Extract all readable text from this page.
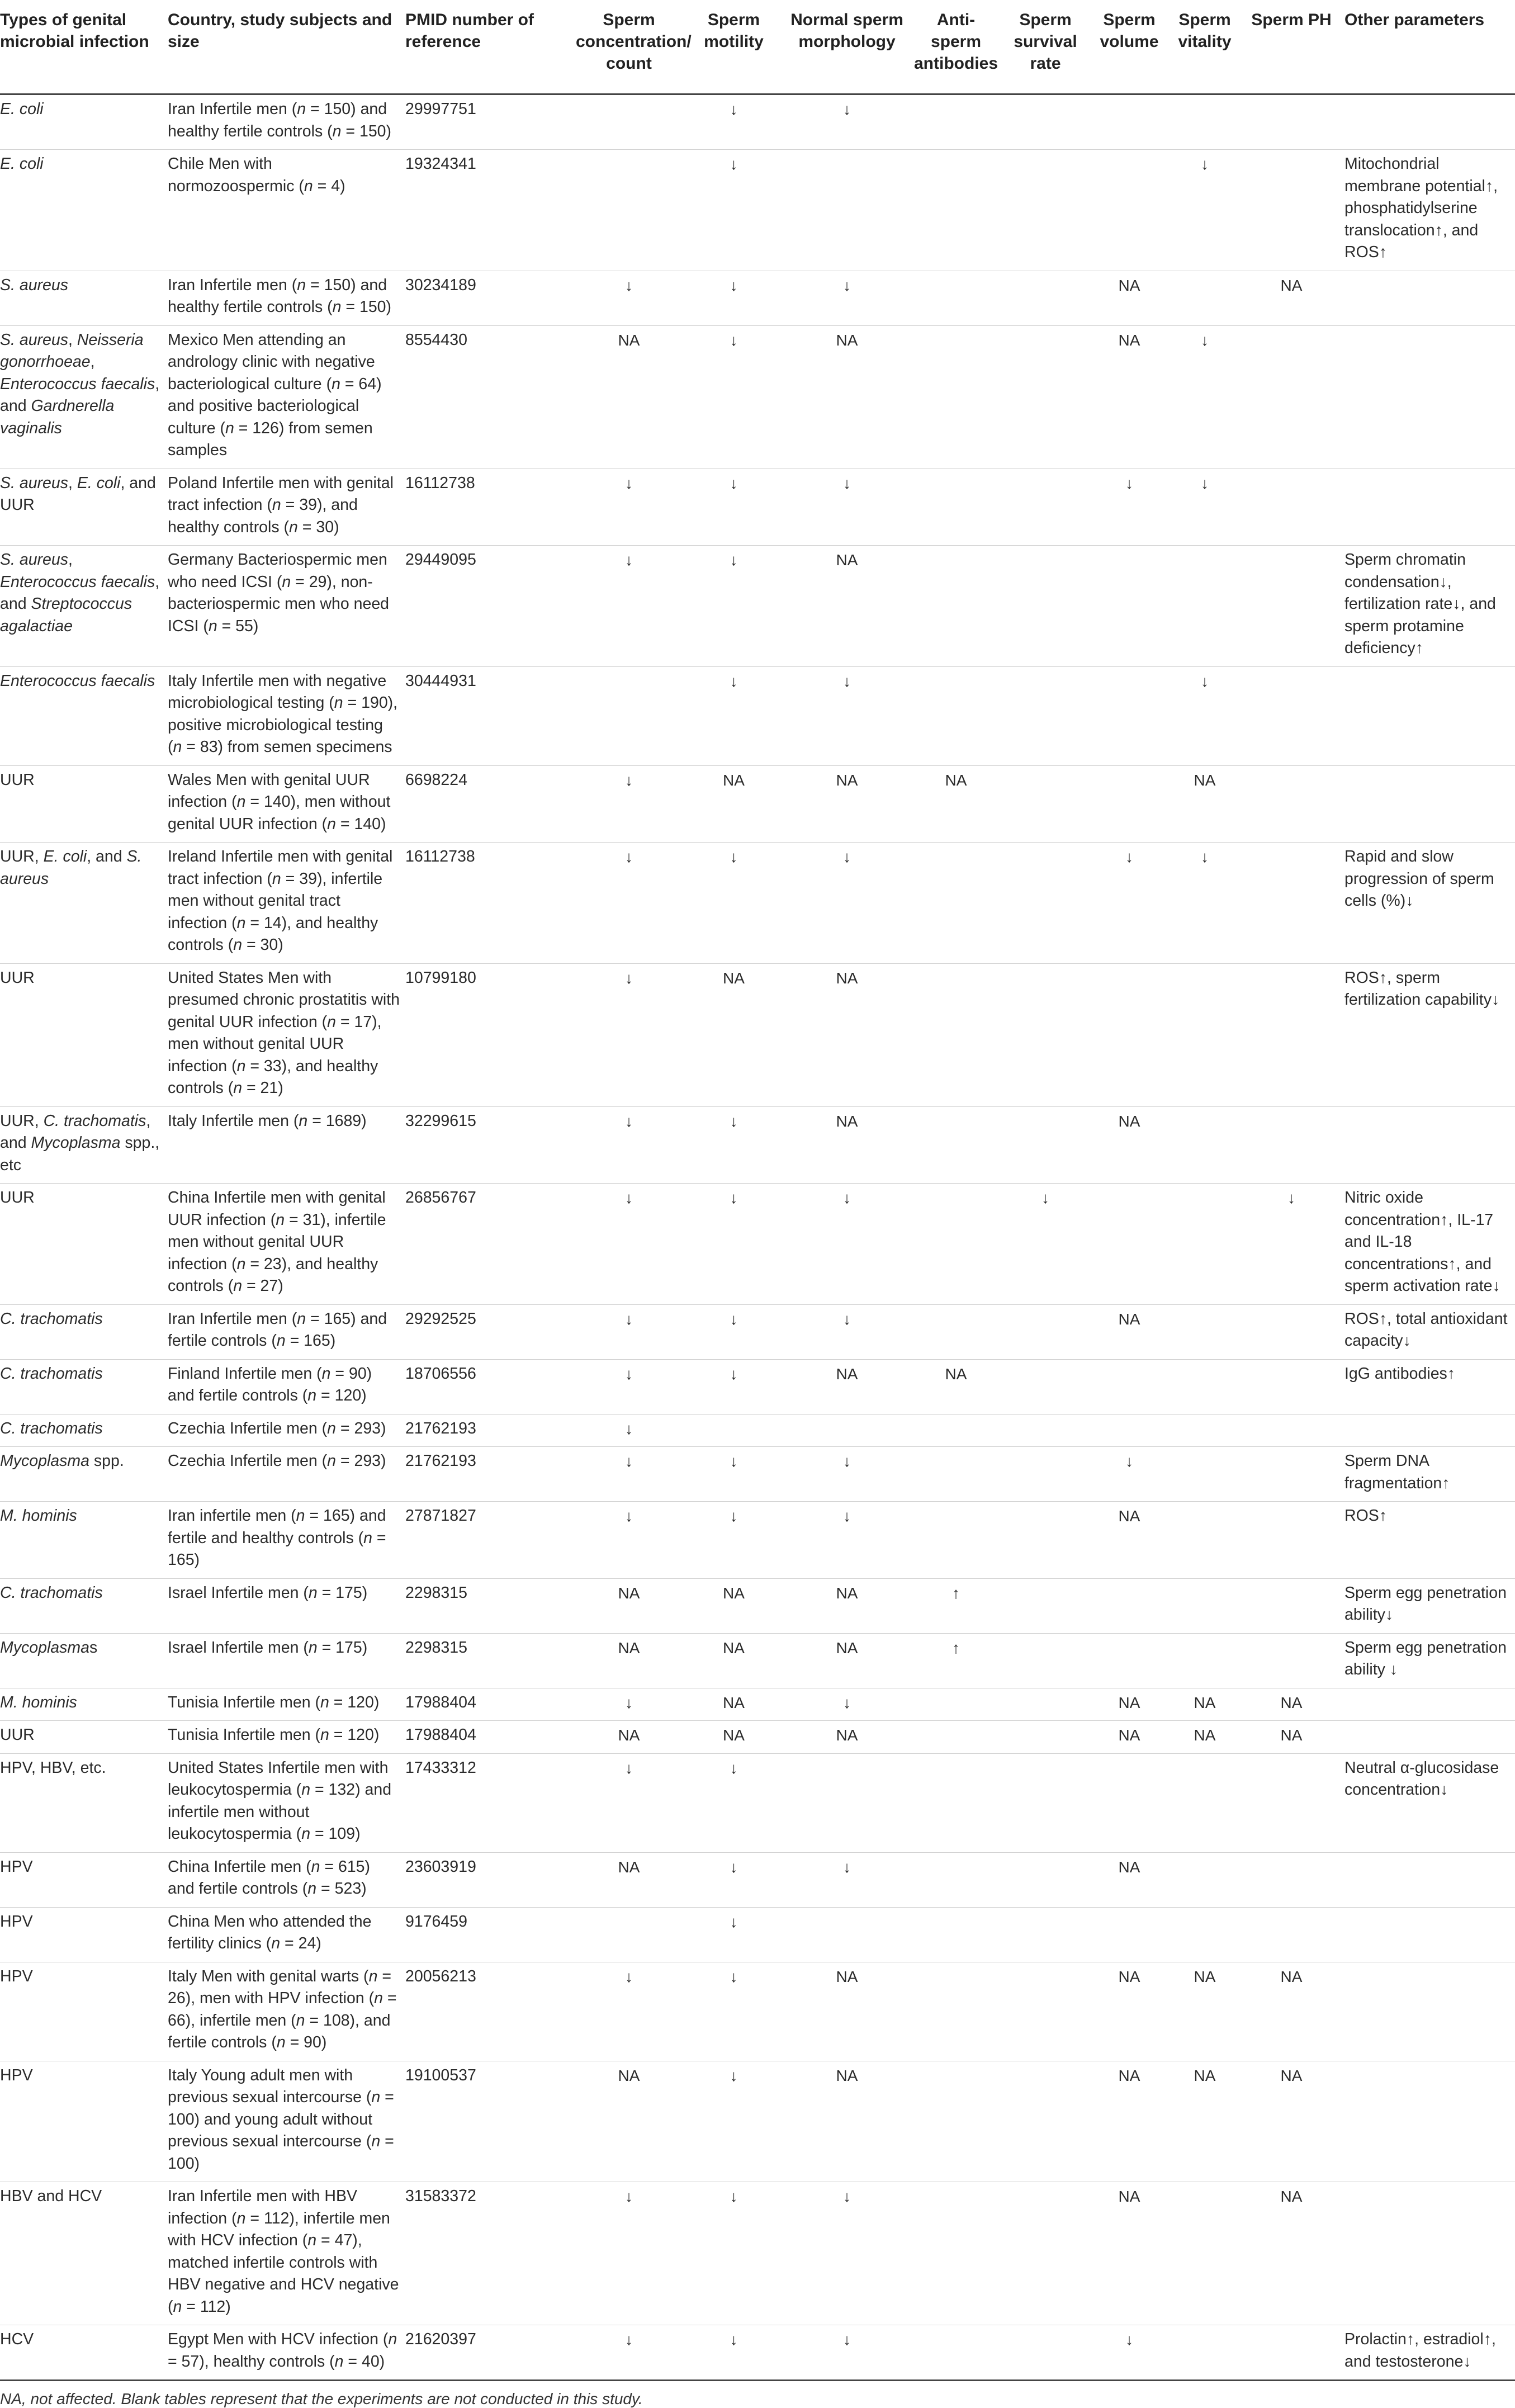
Types of genital microbial infection	Country, study subjects and size	PMID number of reference	Sperm concentration/ count	Sperm motility	Normal sperm morphology	Anti-sperm antibodies	Sperm survival rate	Sperm volume	Sperm vitality	Sperm PH	Other parameters
E. coli	Iran Infertile men (n = 150) and healthy fertile controls (n = 150)	29997751		↓	↓						
E. coli	Chile Men with normozoospermic (n = 4)	19324341		↓					↓		Mitochondrial membrane potential↑, phosphatidylserine translocation↑, and ROS↑
S. aureus	Iran Infertile men (n = 150) and healthy fertile controls (n = 150)	30234189	↓	↓	↓			NA		NA	
S. aureus, Neisseria gonorrhoeae, Enterococcus faecalis, and Gardnerella vaginalis	Mexico Men attending an andrology clinic with negative bacteriological culture (n = 64) and positive bacteriological culture (n = 126) from semen samples	8554430	NA	↓	NA			NA	↓		
S. aureus, E. coli, and UUR	Poland Infertile men with genital tract infection (n = 39), and healthy controls (n = 30)	16112738	↓	↓	↓			↓	↓		
S. aureus, Enterococcus faecalis, and Streptococcus agalactiae	Germany Bacteriospermic men who need ICSI (n = 29), non-bacteriospermic men who need ICSI (n = 55)	29449095	↓	↓	NA						Sperm chromatin condensation↓, fertilization rate↓, and sperm protamine deficiency↑
Enterococcus faecalis	Italy Infertile men with negative microbiological testing (n = 190), positive microbiological testing (n = 83) from semen specimens	30444931		↓	↓				↓		
UUR	Wales Men with genital UUR infection (n = 140), men without genital UUR infection (n = 140)	6698224	↓	NA	NA	NA			NA		
UUR, E. coli, and S. aureus	Ireland Infertile men with genital tract infection (n = 39), infertile men without genital tract infection (n = 14), and healthy controls (n = 30)	16112738	↓	↓	↓			↓	↓		Rapid and slow progression of sperm cells (%)↓
UUR	United States Men with presumed chronic prostatitis with genital UUR infection (n = 17), men without genital UUR infection (n = 33), and healthy controls (n = 21)	10799180	↓	NA	NA						ROS↑, sperm fertilization capability↓
UUR, C. trachomatis, and Mycoplasma spp., etc	Italy Infertile men (n = 1689)	32299615	↓	↓	NA			NA			
UUR	China Infertile men with genital UUR infection (n = 31), infertile men without genital UUR infection (n = 23), and healthy controls (n = 27)	26856767	↓	↓	↓		↓			↓	Nitric oxide concentration↑, IL-17 and IL-18 concentrations↑, and sperm activation rate↓
C. trachomatis	Iran Infertile men (n = 165) and fertile controls (n = 165)	29292525	↓	↓	↓			NA			ROS↑, total antioxidant capacity↓
C. trachomatis	Finland Infertile men (n = 90) and fertile controls (n = 120)	18706556	↓	↓	NA	NA					IgG antibodies↑
C. trachomatis	Czechia Infertile men (n = 293)	21762193	↓								
Mycoplasma spp.	Czechia Infertile men (n = 293)	21762193	↓	↓	↓			↓			Sperm DNA fragmentation↑
M. hominis	Iran infertile men (n = 165) and fertile and healthy controls (n = 165)	27871827	↓	↓	↓			NA			ROS↑
C. trachomatis	Israel Infertile men (n = 175)	2298315	NA	NA	NA	↑					Sperm egg penetration ability↓
Mycoplasmas	Israel Infertile men (n = 175)	2298315	NA	NA	NA	↑					Sperm egg penetration ability ↓
M. hominis	Tunisia Infertile men (n = 120)	17988404	↓	NA	↓			NA	NA	NA	
UUR	Tunisia Infertile men (n = 120)	17988404	NA	NA	NA			NA	NA	NA	
HPV, HBV, etc.	United States Infertile men with leukocytospermia (n = 132) and infertile men without leukocytospermia (n = 109)	17433312	↓	↓							Neutral α-glucosidase concentration↓
HPV	China Infertile men (n = 615) and fertile controls (n = 523)	23603919	NA	↓	↓			NA			
HPV	China Men who attended the fertility clinics (n = 24)	9176459		↓							
HPV	Italy Men with genital warts (n = 26), men with HPV infection (n = 66), infertile men (n = 108), and fertile controls (n = 90)	20056213	↓	↓	NA			NA	NA	NA	
HPV	Italy Young adult men with previous sexual intercourse (n = 100) and young adult without previous sexual intercourse (n = 100)	19100537	NA	↓	NA			NA	NA	NA	
HBV and HCV	Iran Infertile men with HBV infection (n = 112), infertile men with HCV infection (n = 47), matched infertile controls with HBV negative and HCV negative (n = 112)	31583372	↓	↓	↓			NA		NA	
HCV	Egypt Men with HCV infection (n = 57), healthy controls (n = 40)	21620397	↓	↓	↓			↓			Prolactin↑, estradiol↑, and testosterone↓
NA, not affected. Blank tables represent that the experiments are not conducted in this study.
